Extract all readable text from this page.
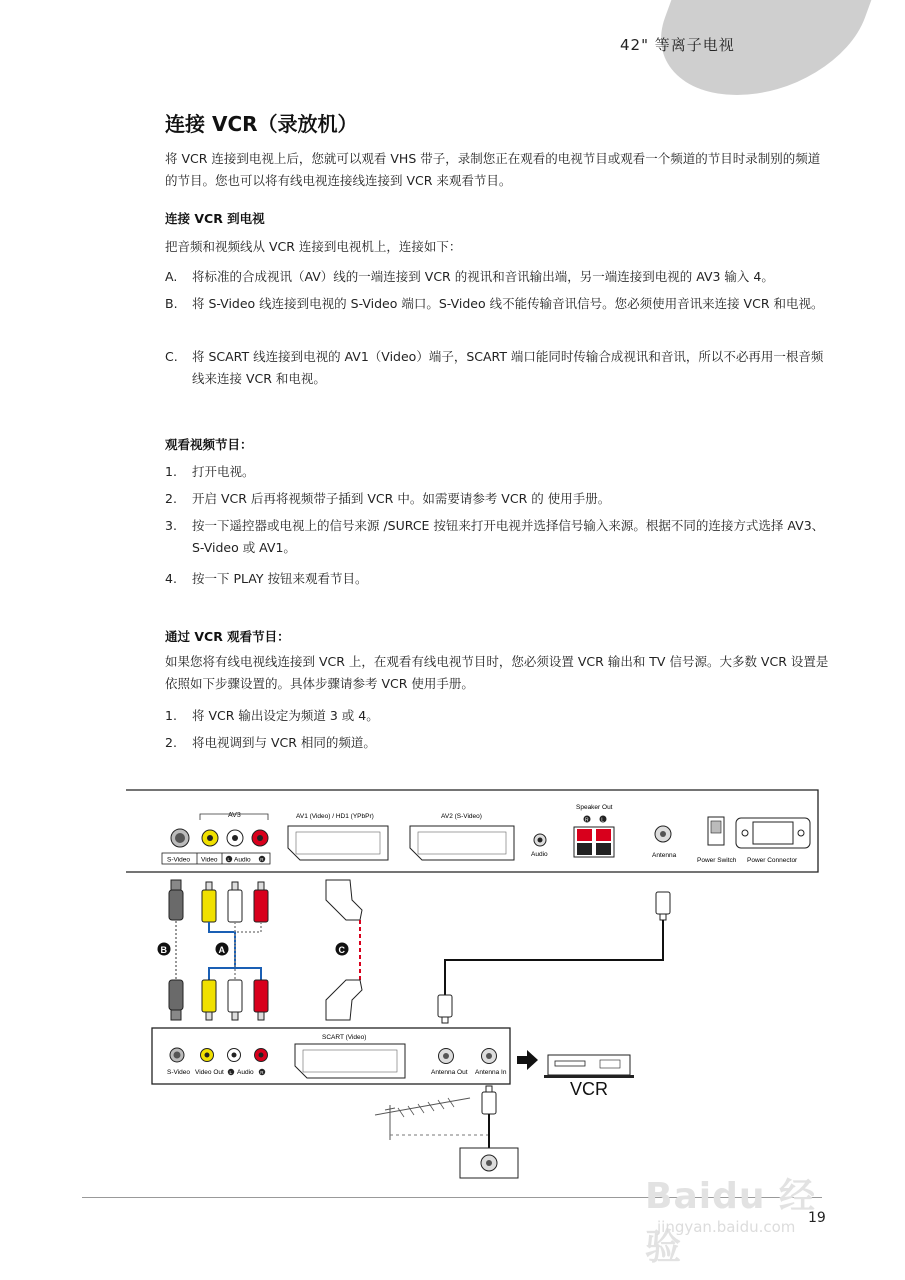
42" 等离子电视
连接 VCR（录放机）
将 VCR 连接到电视上后，您就可以观看 VHS 带子，录制您正在观看的电视节目或观看一个频道的节目时录制别的频道的节目。您也可以将有线电视连接线连接到 VCR 来观看节目。
连接 VCR 到电视
把音频和视频线从 VCR 连接到电视机上，连接如下：
A. 将标准的合成视讯（AV）线的一端连接到 VCR 的视讯和音讯输出端，另一端连接到电视的 AV3 输入 4。
B. 将 S-Video 线连接到电视的 S-Video 端口。S-Video 线不能传输音讯信号。您必须使用音讯来连接 VCR 和电视。
C. 将 SCART 线连接到电视的 AV1（Video）端子，SCART 端口能同时传输合成视讯和音讯，所以不必再用一根音频线来连接 VCR 和电视。
观看视频节目：
1. 打开电视。
2. 开启 VCR 后再将视频带子插到 VCR 中。如需要请参考 VCR 的 使用手册。
3. 按一下遥控器或电视上的信号来源 /SURCE 按钮来打开电视并选择信号输入来源。根据不同的连接方式选择 AV3、S-Video 或 AV1。
4. 按一下 PLAY 按钮来观看节目。
通过 VCR 观看节目：
如果您将有线电视线连接到 VCR 上，在观看有线电视节目时，您必须设置 VCR 输出和 TV 信号源。大多数 VCR 设置是依照如下步骤设置的。具体步骤请参考 VCR 使用手册。
1. 将 VCR 输出设定为频道 3 或 4。
2. 将电视调到与 VCR 相同的频道。
AV3
S-Video Video L Audio R
AV1 (Video) / HD1 (YPbPr)	AV2 (S-Video)
Audio
Speaker Out
R	L
Antenna
Power Switch Power Connector
B	A	C
S-Video Video Out L Audio R
SCART (Video)
Antenna Out Antenna In
VCR
Baidu 经验
jingyan.baidu.com 19
